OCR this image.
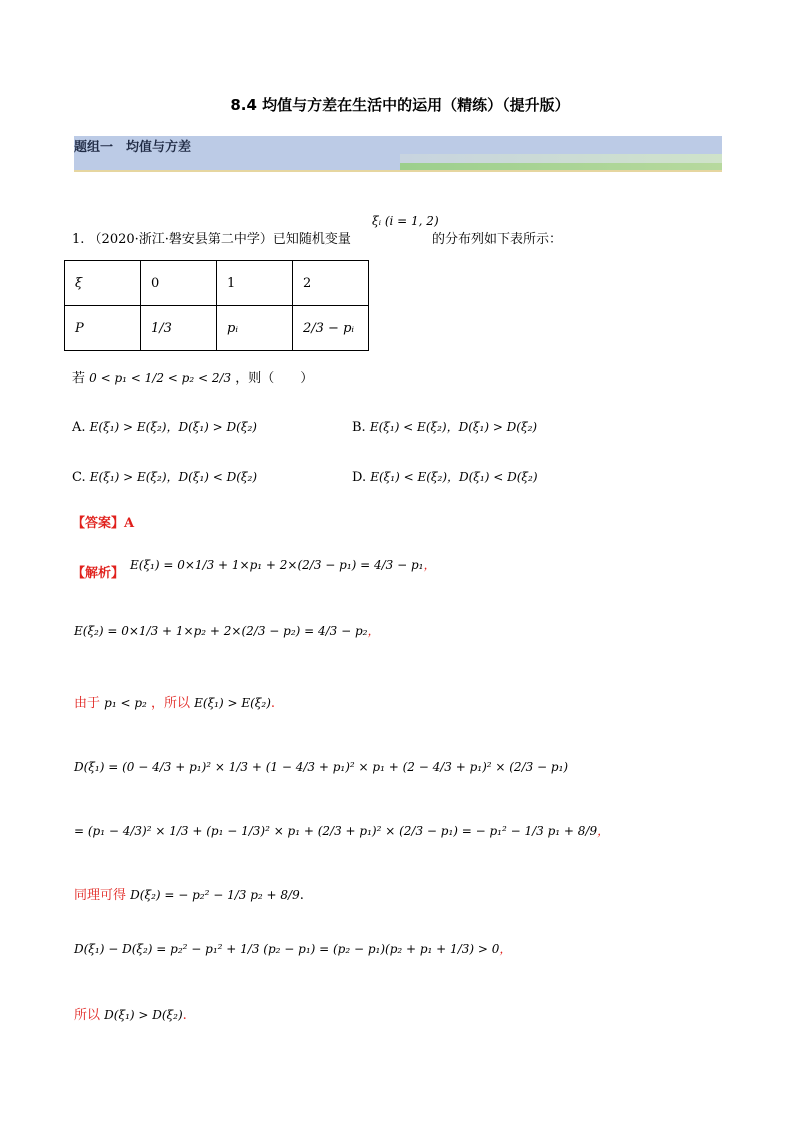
8.4 均值与方差在生活中的运用（精练）（提升版）
题组一　均值与方差
1. （2020·浙江·磐安县第二中学）已知随机变量
ξᵢ (i = 1, 2)
的分布列如下表所示：
ξ	0	1	2
P	1/3	pᵢ	2/3 − pᵢ
若 0 < p₁ < 1/2 < p₂ < 2/3 ，则（　　）
A. E(ξ₁) > E(ξ₂)，D(ξ₁) > D(ξ₂)	B. E(ξ₁) < E(ξ₂)，D(ξ₁) > D(ξ₂)
C. E(ξ₁) > E(ξ₂)，D(ξ₁) < D(ξ₂)	D. E(ξ₁) < E(ξ₂)，D(ξ₁) < D(ξ₂)
【答案】A
【解析】
E(ξ₁) = 0×1/3 + 1×p₁ + 2×(2/3 − p₁) = 4/3 − p₁，
E(ξ₂) = 0×1/3 + 1×p₂ + 2×(2/3 − p₂) = 4/3 − p₂，
由于 p₁ < p₂ ，所以 E(ξ₁) > E(ξ₂).
D(ξ₁) = (0 − 4/3 + p₁)² × 1/3 + (1 − 4/3 + p₁)² × p₁ + (2 − 4/3 + p₁)² × (2/3 − p₁)
= (p₁ − 4/3)² × 1/3 + (p₁ − 1/3)² × p₁ + (2/3 + p₁)² × (2/3 − p₁) = − p₁² − 1/3 p₁ + 8/9，
同理可得 D(ξ₂) = − p₂² − 1/3 p₂ + 8/9.
D(ξ₁) − D(ξ₂) = p₂² − p₁² + 1/3 (p₂ − p₁) = (p₂ − p₁)(p₂ + p₁ + 1/3) > 0，
所以 D(ξ₁) > D(ξ₂).
